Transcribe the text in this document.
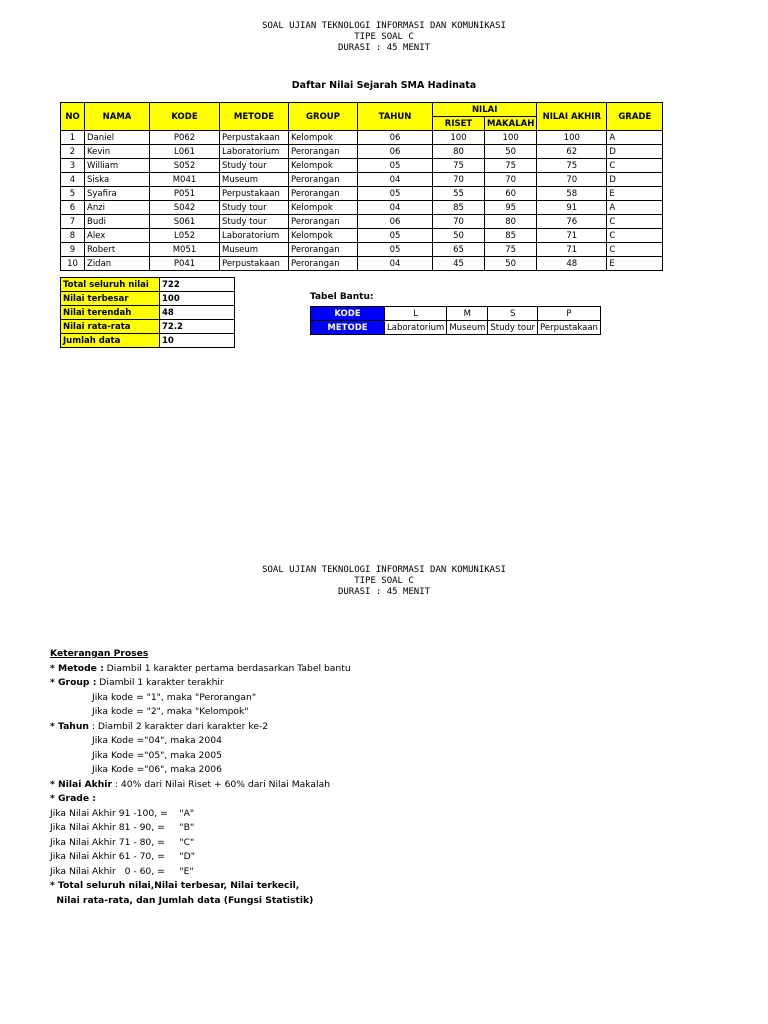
SOAL UJIAN TEKNOLOGI INFORMASI DAN KOMUNIKASI
TIPE SOAL C
DURASI : 45 MENIT
Daftar Nilai Sejarah SMA Hadinata
NO	NAMA	KODE	METODE	GROUP	TAHUN	NILAI		NILAI AKHIR	GRADE
						RISET	MAKALAH		
1	Daniel	P062	Perpustakaan	Kelompok	06	100	100	100	A
2	Kevin	L061	Laboratorium	Perorangan	06	80	50	62	D
3	William	S052	Study tour	Kelompok	05	75	75	75	C
4	Siska	M041	Museum	Perorangan	04	70	70	70	D
5	Syafira	P051	Perpustakaan	Perorangan	05	55	60	58	E
6	Anzi	S042	Study tour	Kelompok	04	85	95	91	A
7	Budi	S061	Study tour	Perorangan	06	70	80	76	C
8	Alex	L052	Laboratorium	Kelompok	05	50	85	71	C
9	Robert	M051	Museum	Perorangan	05	65	75	71	C
10	Zidan	P041	Perpustakaan	Perorangan	04	45	50	48	E
Total seluruh nilai	722
Nilai terbesar	100
Nilai terendah	48
Nilai rata-rata	72.2
Jumlah data	10
Tabel Bantu:
KODE	L	M	S	P
METODE	Laboratorium	Museum	Study tour	Perpustakaan
SOAL UJIAN TEKNOLOGI INFORMASI DAN KOMUNIKASI
TIPE SOAL C
DURASI : 45 MENIT
Keterangan Proses
* Metode : Diambil 1 karakter pertama berdasarkan Tabel bantu
* Group : Diambil 1 karakter terakhir
Jika kode = "1", maka "Perorangan"
Jika kode = "2", maka "Kelompok"
* Tahun : Diambil 2 karakter dari karakter ke-2
Jika Kode ="04", maka 2004
Jika Kode ="05", maka 2005
Jika Kode ="06", maka 2006
* Nilai Akhir : 40% dari Nilai Riset + 60% dari Nilai Makalah
* Grade :
Jika Nilai Akhir 91 -100, =    "A"
Jika Nilai Akhir 81 - 90, =     "B"
Jika Nilai Akhir 71 - 80, =     "C"
Jika Nilai Akhir 61 - 70, =     "D"
Jika Nilai Akhir   0 - 60, =     "E"
* Total seluruh nilai,Nilai terbesar, Nilai terkecil,
Nilai rata-rata, dan Jumlah data (Fungsi Statistik)
